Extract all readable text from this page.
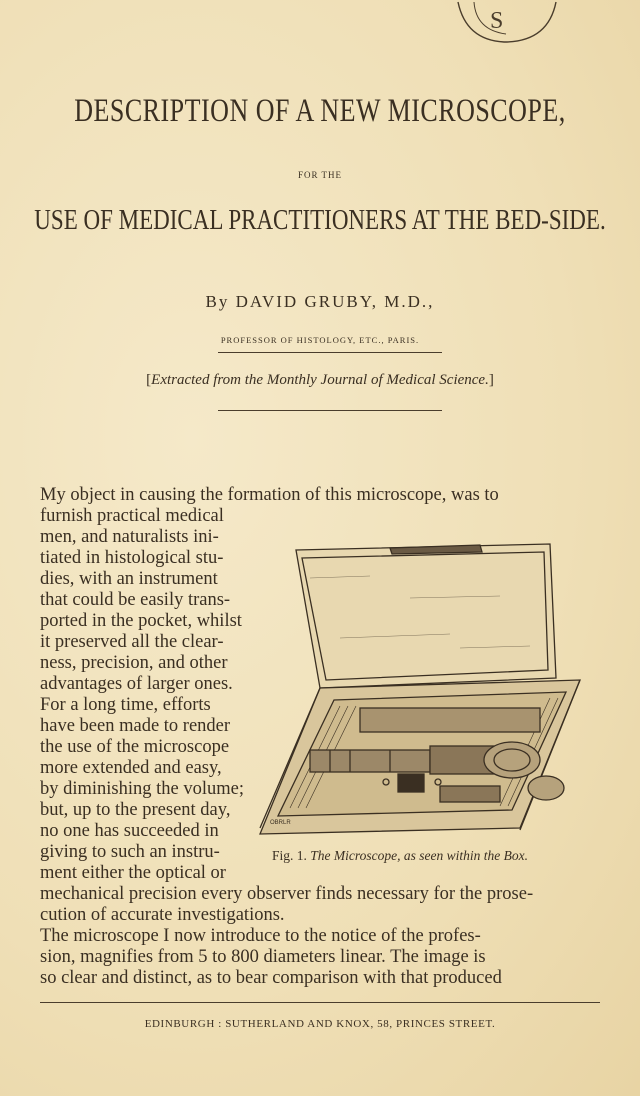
S
DESCRIPTION OF A NEW MICROSCOPE,
FOR THE
USE OF MEDICAL PRACTITIONERS AT THE BED-SIDE.
By DAVID GRUBY, M.D.,
PROFESSOR OF HISTOLOGY, ETC., PARIS.
[Extracted from the Monthly Journal of Medical Science.]
My object in causing the formation of this microscope, was to
furnish practical medical
men, and naturalists ini-
tiated in histological stu-
dies, with an instrument
that could be easily trans-
ported in the pocket, whilst
it preserved all the clear-
ness, precision, and other
advantages of larger ones.
For a long time, efforts
have been made to render
the use of the microscope
more extended and easy,
by diminishing the volume;
but, up to the present day,
no one has succeeded in
giving to such an instru-
ment either the optical or
mechanical precision every observer finds necessary for the prose-
cution of accurate investigations.
The microscope I now introduce to the notice of the profes-
sion, magnifies from 5 to 800 diameters linear. The image is
so clear and distinct, as to bear comparison with that produced
OBRLR
Fig. 1. The Microscope, as seen within the Box.
EDINBURGH : SUTHERLAND AND KNOX, 58, PRINCES STREET.
